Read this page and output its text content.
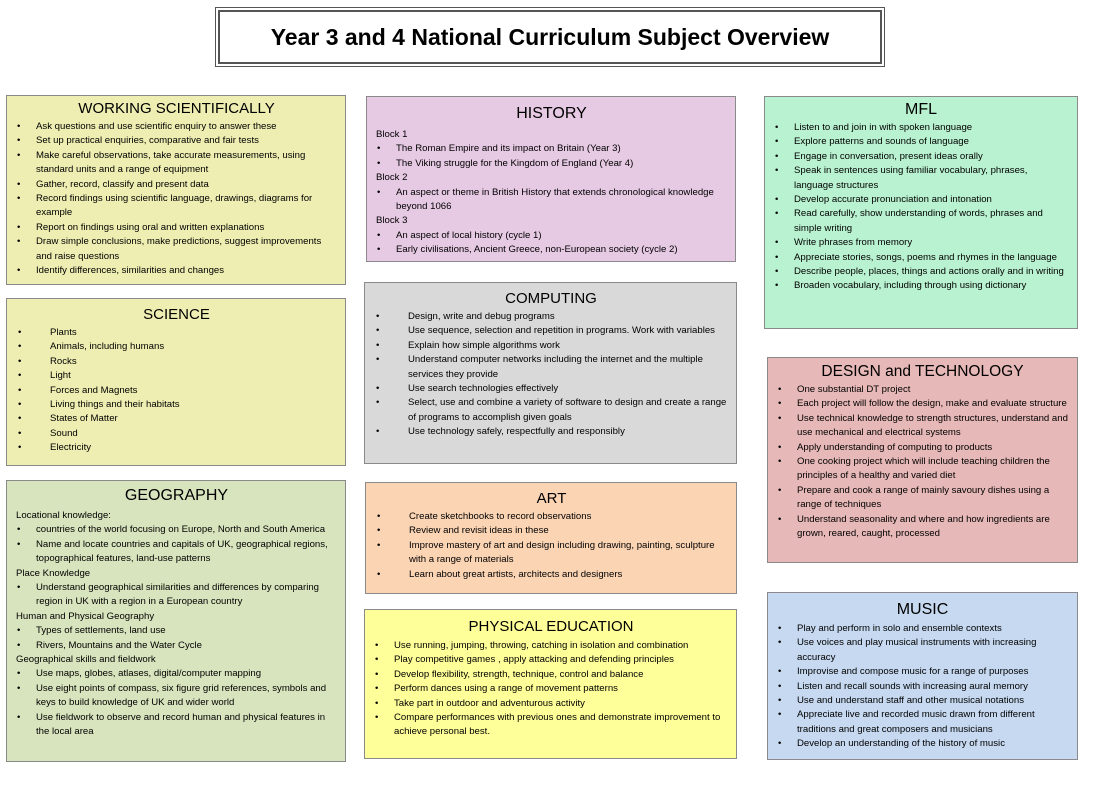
Year 3 and 4 National Curriculum Subject Overview
WORKING SCIENTIFICALLY
• Ask questions and use scientific enquiry to answer these
• Set up practical enquiries, comparative and fair tests
• Make careful observations, take accurate measurements, using standard units and a range of equipment
• Gather, record, classify and present data
• Record findings using scientific language, drawings, diagrams for example
• Report on findings using oral and written explanations
• Draw simple conclusions, make predictions, suggest improvements and raise questions
• Identify differences, similarities and changes
SCIENCE
• Plants
• Animals, including humans
• Rocks
• Light
• Forces and Magnets
• Living things and their habitats
• States of Matter
• Sound
• Electricity
GEOGRAPHY

Locational knowledge:

• countries of the world focusing on Europe, North and South America
• Name and locate countries and capitals of UK, geographical regions, topographical features, land-use patterns

Place Knowledge

• Understand geographical similarities and differences by comparing region in UK with a region in a European country

Human and Physical Geography

• Types of settlements, land use
• Rivers, Mountains and the Water Cycle

Geographical skills and fieldwork

• Use maps, globes, atlases, digital/computer mapping
• Use eight points of compass, six figure grid references, symbols and keys to build knowledge of UK and wider world
• Use fieldwork to observe and record human and physical features in the local area
HISTORY

Block 1

• The Roman Empire and its impact on Britain (Year 3)
• The Viking struggle for the Kingdom of England (Year 4)

Block 2

• An aspect or theme in British History that extends chronological knowledge beyond 1066

Block 3

• An aspect of local history (cycle 1)
• Early civilisations, Ancient Greece, non-European society (cycle 2)
COMPUTING
• Design, write and debug programs
• Use sequence, selection and repetition in programs. Work with variables
• Explain how simple algorithms work
• Understand computer networks including the internet and the multiple services they provide
• Use search technologies effectively
• Select, use and combine a variety of software to design and create a range of programs to accomplish given goals
• Use technology safely, respectfully and responsibly
ART
• Create sketchbooks to record observations
• Review and revisit ideas in these
• Improve mastery of art and design including drawing, painting, sculpture with a range of materials
• Learn about great artists, architects and designers
PHYSICAL EDUCATION
• Use running, jumping, throwing, catching in isolation and combination
• Play competitive games , apply attacking and defending principles
• Develop flexibility, strength, technique, control and balance
• Perform dances using a range of movement patterns
• Take part in outdoor and adventurous activity
• Compare performances with previous ones and demonstrate improvement to achieve personal best.
MFL
• Listen to and join in with spoken language
• Explore patterns and sounds of language
• Engage in conversation, present ideas orally
• Speak in sentences using familiar vocabulary, phrases, language structures
• Develop accurate pronunciation and intonation
• Read carefully, show understanding of words, phrases and simple writing
• Write phrases from memory
• Appreciate stories, songs, poems and rhymes in the language
• Describe people, places, things and actions orally and in writing
• Broaden vocabulary, including through using dictionary
DESIGN and TECHNOLOGY
• One substantial DT project
• Each project will follow the design, make and evaluate structure
• Use technical knowledge to strength structures, understand and use mechanical and electrical systems
• Apply understanding of computing to products
• One cooking project which will include teaching children the principles of a healthy and varied diet
• Prepare and cook a range of mainly savoury dishes using a range of techniques
• Understand seasonality and where and how ingredients are grown, reared, caught, processed
MUSIC
• Play and perform in solo and ensemble contexts
• Use voices and play musical instruments with increasing accuracy
• Improvise and compose music for a range of purposes
• Listen and recall sounds with increasing aural memory
• Use and understand staff and other musical notations
• Appreciate live and recorded music drawn from different traditions and great composers and musicians
• Develop an understanding of the history of music
